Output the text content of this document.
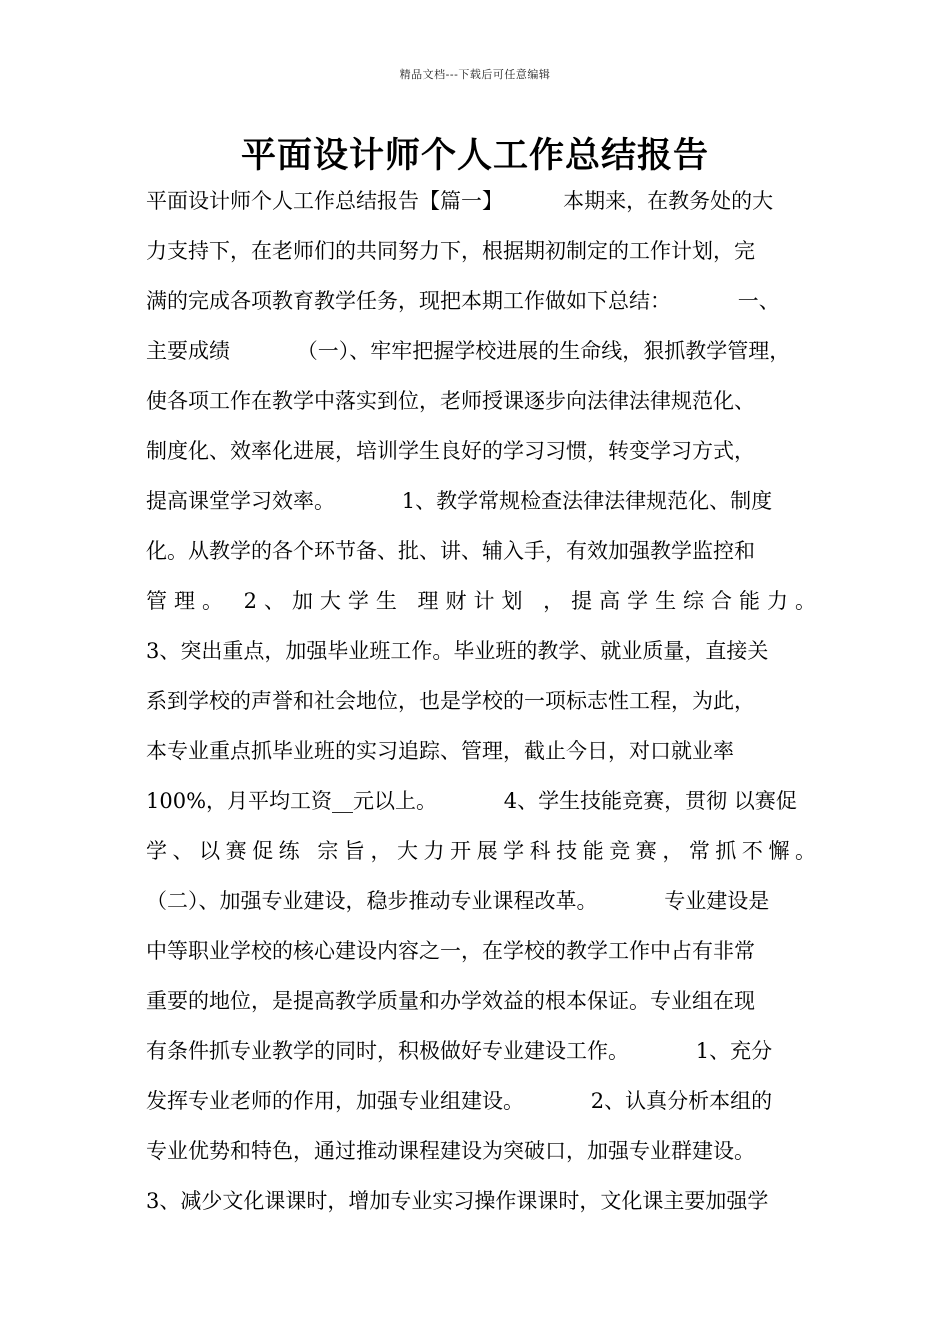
精品文档---下载后可任意编辑
平面设计师个人工作总结报告
平面设计师个人工作总结报告【篇一】         本期来，在教务处的大
力支持下，在老师们的共同努力下，根据期初制定的工作计划，完
满的完成各项教育教学任务，现把本期工作做如下总结：          一、
主要成绩          （一）、牢牢把握学校进展的生命线，狠抓教学管理，
使各项工作在教学中落实到位，老师授课逐步向法律法律规范化、
制度化、效率化进展，培训学生良好的学习习惯，转变学习方式，
提高课堂学习效率。          1、教学常规检查法律法律规范化、制度
化。从教学的各个环节备、批、讲、辅入手，有效加强教学监控和
管理。 2、加大学生 理财计划 ，提高学生综合能力。
3、突出重点，加强毕业班工作。毕业班的教学、就业质量，直接关
系到学校的声誉和社会地位，也是学校的一项标志性工程，为此，
本专业重点抓毕业班的实习追踪、管理，截止今日，对口就业率
100%，月平均工资__元以上。          4、学生技能竞赛，贯彻 以赛促
学、以赛促练 宗旨，大力开展学科技能竞赛，常抓不懈。
（二）、加强专业建设，稳步推动专业课程改革。          专业建设是
中等职业学校的核心建设内容之一，在学校的教学工作中占有非常
重要的地位，是提高教学质量和办学效益的根本保证。专业组在现
有条件抓专业教学的同时，积极做好专业建设工作。          1、充分
发挥专业老师的作用，加强专业组建设。          2、认真分析本组的
专业优势和特色，通过推动课程建设为突破口，加强专业群建设。
3、减少文化课课时，增加专业实习操作课课时，文化课主要加强学
